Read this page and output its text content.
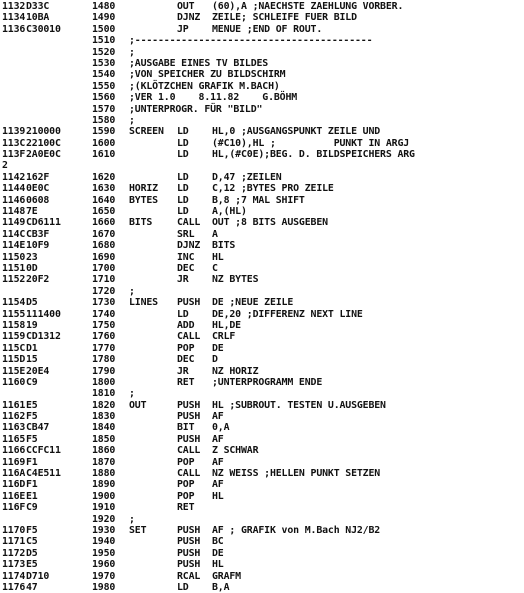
1132 D33C	1480	OUT (60),A ;NAECHSTE ZAEHLUNG VORBER.
1134 10BA	1490	DJNZ ZEILE; SCHLEIFE FUER BILD
1136 C30010	1500	JP MENUE ;END OF ROUT.
1510 ;-----------------------------------------
1520 ;
1530 ;AUSGABE EINES TV BILDES
1540 ;VON SPEICHER ZU BILDSCHIRM
1550 ;(KLÖTZCHEN GRAFIK M.BACH)
1560 ;VER 1.0    8.11.82    G.BÖHM
1570 ;UNTERPROGR. FÜR "BILD"
1580 ;
1139 210000	1590 SCREEN LD HL,0 ;AUSGANGSPUNKT ZEILE UND
113C 22100C	1600	LD (#C10),HL ;          PUNKT IN ARGJ
113F 2A0E0C	1610	LD HL,(#C0E);BEG. D. BILDSPEICHERS ARG
2
1142 162F	1620	LD D,47 ;ZEILEN
1144 0E0C	1630 HORIZ LD C,12 ;BYTES PRO ZEILE
1146 0608	1640 BYTES LD B,8 ;7 MAL SHIFT
1148 7E	1650	LD A,(HL)
1149 CD6111	1660 BITS	CALL OUT ;8 BITS AUSGEBEN
114C CB3F	1670	SRL A
114E 10F9	1680	DJNZ BITS
1150 23	1690	INC HL
1151 0D	1700	DEC C
1152 20F2	1710	JR NZ BYTES
1720 ;
1154 D5	1730 LINES PUSH DE ;NEUE ZEILE
1155 111400	1740	LD DE,20 ;DIFFERENZ NEXT LINE
1158 19	1750	ADD HL,DE
1159 CD1312	1760	CALL CRLF
115C D1	1770	POP DE
115D 15	1780	DEC D
115E 20E4	1790	JR NZ HORIZ
1160 C9	1800	RET ;UNTERPROGRAMM ENDE
1810 ;
1161 E5	1820 OUT	PUSH HL ;SUBROUT. TESTEN U.AUSGEBEN
1162 F5	1830	PUSH AF
1163 CB47	1840	BIT 0,A
1165 F5	1850	PUSH AF
1166 CCFC11	1860	CALL Z SCHWAR
1169 F1	1870	POP AF
116A C4E511	1880	CALL NZ WEISS ;HELLEN PUNKT SETZEN
116D F1	1890	POP AF
116E E1	1900	POP HL
116F C9	1910	RET
1920 ;
1170 F5	1930 SET	PUSH AF ; GRAFIK von M.Bach NJ2/B2
1171 C5	1940	PUSH BC
1172 D5	1950	PUSH DE
1173 E5	1960	PUSH HL
1174 D710	1970	RCAL GRAFM
1176 47	1980	LD B,A
